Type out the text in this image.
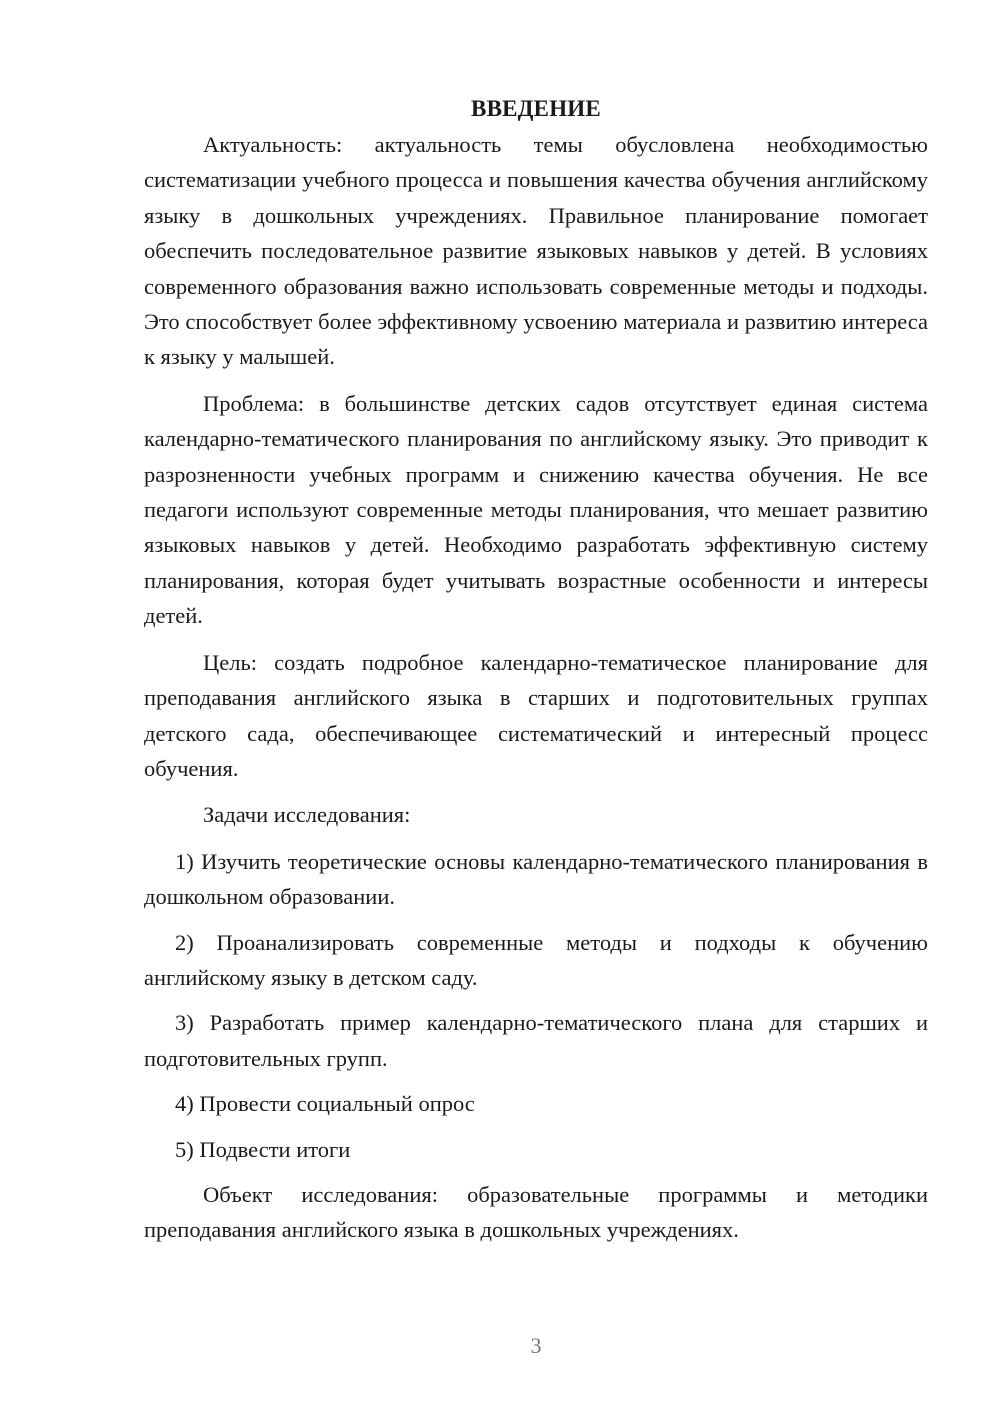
ВВЕДЕНИЕ

Актуальность: актуальность темы обусловлена необходимостью систематизации учебного процесса и повышения качества обучения английскому языку в дошкольных учреждениях. Правильное планирование помогает обеспечить последовательное развитие языковых навыков у детей. В условиях современного образования важно использовать современные методы и подходы. Это способствует более эффективному усвоению материала и развитию интереса к языку у малышей.

Проблема: в большинстве детских садов отсутствует единая система календарно-тематического планирования по английскому языку. Это приводит к разрозненности учебных программ и снижению качества обучения. Не все педагоги используют современные методы планирования, что мешает развитию языковых навыков у детей. Необходимо разработать эффективную систему планирования, которая будет учитывать возрастные особенности и интересы детей.

Цель: создать подробное календарно-тематическое планирование для преподавания английского языка в старших и подготовительных группах детского сада, обеспечивающее систематический и интересный процесс обучения.

Задачи исследования:

1) Изучить теоретические основы календарно-тематического планирования в дошкольном образовании.

2) Проанализировать современные методы и подходы к обучению английскому языку в детском саду.

3) Разработать пример календарно-тематического плана для старших и подготовительных групп.

4) Провести социальный опрос

5) Подвести итоги

Объект исследования: образовательные программы и методики преподавания английского языка в дошкольных учреждениях.

3
